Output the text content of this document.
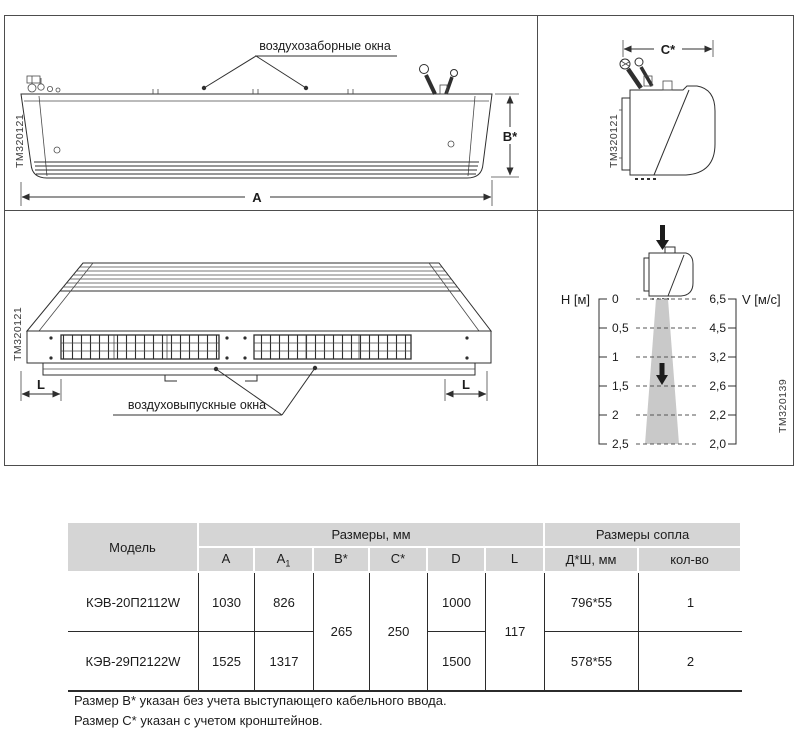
воздухозаборные окна
A
B*
TM320121
C*
TM320121
L	L
воздуховыпускные окна
TM320121
H [м] 0
0,5
1
1,5
2
2,5
V [м/с]
6,5
4,5
3,2
2,6
2,2
2,0
TM320139
Модель	Размеры, мм						Размеры сопла	
	A	$A_1$	B*	C*	D	L	Д*Ш, мм	кол-во
КЭВ-20П2112W	1030	826	265	250	1000	117	796*55	1
КЭВ-29П2122W	1525	1317			1500		578*55	2
Размер B* указан без учета выступающего кабельного ввода.
Размер C* указан с учетом кронштейнов.
